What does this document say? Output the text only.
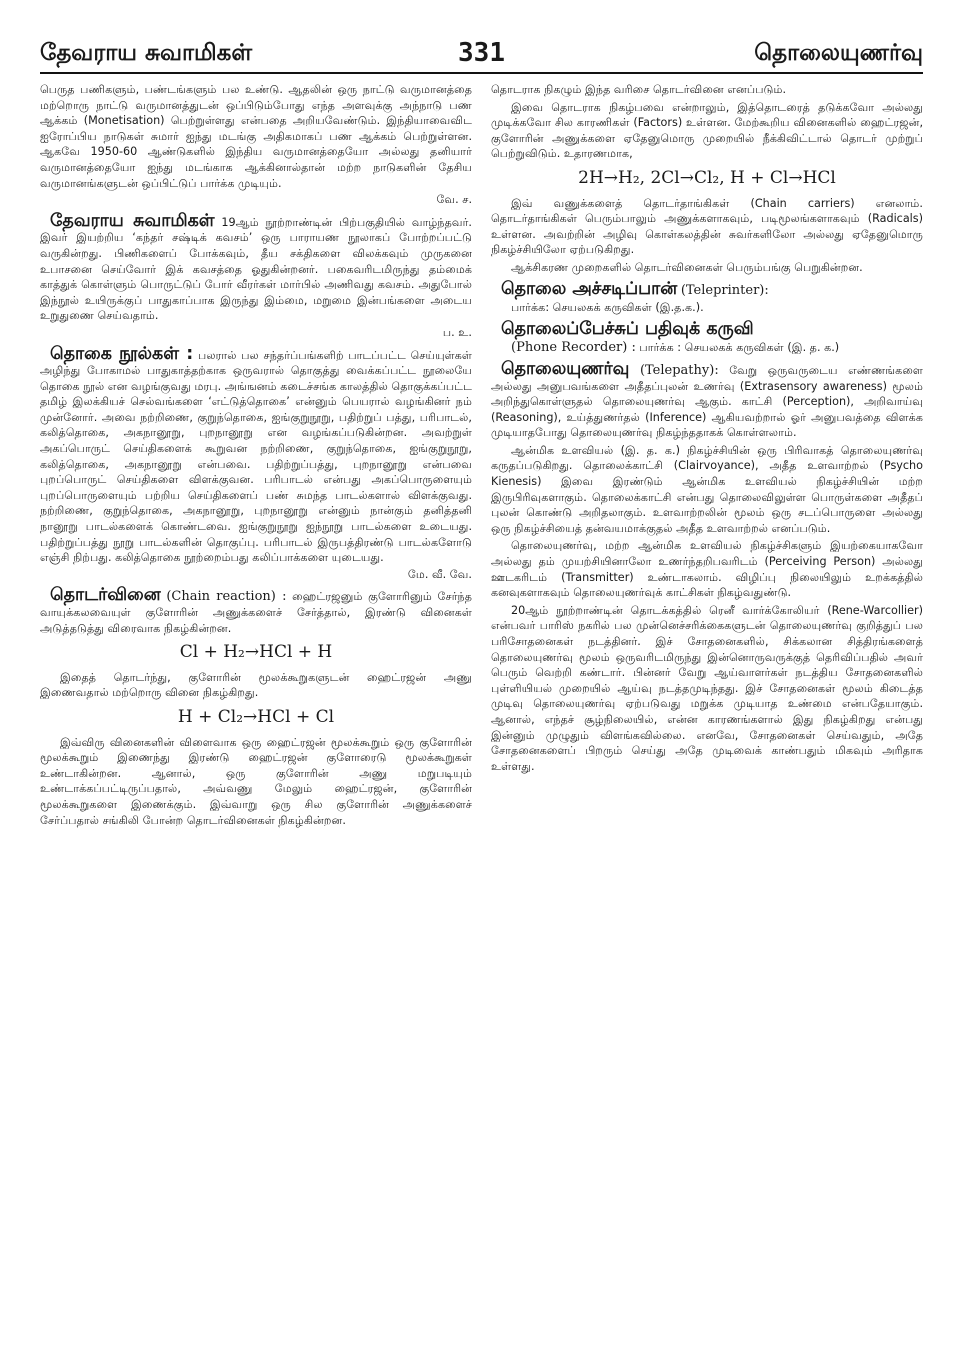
தேவராய சுவாமிகள்	331	தொலையுணர்வு

பெருத பணிகளும், பண்டங்களும் பல உண்டு. ஆதலின் ஒரு நாட்டு வருமானத்தை மற்றொரு நாட்டு வருமானத்துடன் ஒப்பிடும்போது எந்த அளவுக்கு அந்நாடு பண ஆக்கம் (Monetisation) பெற்றுள்ளது என்பதை அறியவேண்டும். இந்தியாவைவிட ஐரோப்பிய நாடுகள் சுமார் ஐந்து மடங்கு அதிகமாகப் பண ஆக்கம் பெற்றுள்ளன. ஆகவே 1950-60 ஆண்டுகளில் இந்திய வருமானத்தையோ அல்லது தனியார் வருமானத்தையோ ஐந்து மடங்காக ஆக்கினால்தான் மற்ற நாடுகளின் தேசிய வருமானங்களுடன் ஒப்பிட்டுப் பார்க்க முடியும்.

வே. ச.

தேவராய சுவாமிகள் 19ஆம் நூற்றாண்டின் பிற்பகுதியில் வாழ்ந்தவர். இவர் இயற்றிய ‘கந்தர் சஷ்டிக் கவசம்’ ஒரு பாராயண நூலாகப் போற்றப்பட்டு வருகின்றது. பிணிகளைப் போக்கவும், தீய சக்திகளை விலக்கவும் முருகனை உபாசனை செய்வோர் இக் கவசத்தை ஓதுகின்றனர். பகைவரிடமிருந்து தம்மைக் காத்துக் கொள்ளும் பொருட்டுப் போர் வீரர்கள் மார்பில் அணிவது கவசம். அதுபோல் இந்நூல் உயிருக்குப் பாதுகாப்பாக இருந்து இம்மை, மறுமை இன்பங்களை அடைய உறுதுணை செய்வதாம்.

ப. உ.

தொகை நூல்கள் : பலரால் பல சந்தர்ப்பங்களிற் பாடப்பட்ட செய்யுள்கள் அழிந்து போகாமல் பாதுகாத்தற்காக ஒருவரால் தொகுத்து வைக்கப்பட்ட நூலையே தொகை நூல் என வழங்குவது மரபு. அங்ஙனம் கடைச்சங்க காலத்தில் தொகுக்கப்பட்ட தமிழ் இலக்கியச் செல்வங்களை ‘எட்டுத்தொகை’ என்னும் பெயரால் வழங்கினர் நம் முன்னோர். அவை நற்றிணை, குறுந்தொகை, ஐங்குறுநூறு, பதிற்றுப் பத்து, பரிபாடல், கலித்தொகை, அகநானூறு, புறநானூறு என வழங்கப்படுகின்றன. அவற்றுள் அகப்பொருட் செய்திகளைக் கூறுவன நற்றிணை, குறுந்தொகை, ஐங்குறுநூறு, கலித்தொகை, அகநானூறு என்பவை. பதிற்றுப்பத்து, புறநானூறு என்பவை புறப்பொருட் செய்திகளை விளக்குவன. பரிபாடல் என்பது அகப்பொருளையும் புறப்பொருளையும் பற்றிய செய்திகளைப் பண் சுமந்த பாடல்களால் விளக்குவது. நற்றிணை, குறுந்தொகை, அகநானூறு, புறநானூறு என்னும் நான்கும் தனித்தனி நானூறு பாடல்களைக் கொண்டவை. ஐங்குறுநூறு ஐந்நூறு பாடல்களை உடையது. பதிற்றுப்பத்து நூறு பாடல்களின் தொகுப்பு. பரிபாடல் இருபத்திரண்டு பாடல்களோடு எஞ்சி நிற்பது. கலித்தொகை நூற்றைம்பது கலிப்பாக்களை யுடையது.

மே. வீ. வே.

தொடர்வினை (Chain reaction) : ஹைட்ரஜனும் குளோரினும் சேர்ந்த வாயுக்கலவையுள் குளோரின் அணுக்களைச் சேர்த்தால், இரண்டு வினைகள் அடுத்தடுத்து விரைவாக நிகழ்கின்றன.

Cl + H₂→HCl + H

இதைத் தொடர்ந்து, குளோரின் மூலக்கூறுகளுடன் ஹைட்ரஜன் அணு இணைவதால் மற்றொரு வினை நிகழ்கிறது.

H + Cl₂→HCl + Cl

இவ்விரு வினைகளின் விளைவாக ஒரு ஹைட்ரஜன் மூலக்கூறும் ஒரு குளோரின் மூலக்கூறும் இணைந்து இரண்டு ஹைட்ரஜன் குளோரைடு மூலக்கூறுகள் உண்டாகின்றன. ஆனால், ஒரு குளோரின் அணு மறுபடியும் உண்டாக்கப்பட்டிருப்பதால், அவ்வணு மேலும் ஹைட்ரஜன், குளோரின் மூலக்கூறுகளை இணைக்கும். இவ்வாறு ஒரு சில குளோரின் அணுக்களைச் சேர்ப்பதால் சங்கிலி போன்ற தொடர்வினைகள் நிகழ்கின்றன.

தொடராக நிகழும் இந்த வரிசை தொடர்வினை எனப்படும்.

இவை தொடராக நிகழ்பவை என்றாலும், இத்தொடரைத் தடுக்கவோ அல்லது முடிக்கவோ சில காரணிகள் (Factors) உள்ளன. மேற்கூறிய வினைகளில் ஹைட்ரஜன், குளோரின் அணுக்களை ஏதேனுமொரு முறையில் நீக்கிவிட்டால் தொடர் முற்றுப் பெற்றுவிடும். உதாரணமாக,

2H→H₂, 2Cl→Cl₂, H + Cl→HCl

இவ் வணுக்களைத் தொடர்தாங்கிகள் (Chain carriers) எனலாம். தொடர்தாங்கிகள் பெரும்பாலும் அணுக்களாகவும், படிமூலங்களாகவும் (Radicals) உள்ளன. அவற்றின் அழிவு கொள்கலத்தின் சுவர்களிலோ அல்லது ஏதேனுமொரு நிகழ்ச்சியிலோ ஏற்படுகிறது.

ஆக்சிகரண முறைகளில் தொடர்வினைகள் பெரும்பங்கு பெறுகின்றன.

தொலை அச்சடிப்பான் (Teleprinter):

பார்க்க: செயலகக் கருவிகள் (இ.த.க.).

தொலைப்பேச்சுப் பதிவுக் கருவி

(Phone Recorder) : பார்க்க : செயலகக் கருவிகள் (இ. த. க.)

தொலையுணர்வு (Telepathy): வேறு ஒருவருடைய எண்ணங்களை அல்லது அனுபவங்களை அதீதப்புலன் உணர்வு (Extrasensory awareness) மூலம் அறிந்துகொள்ளுதல் தொலையுணர்வு ஆகும். காட்சி (Perception), அறிவாய்வு (Reasoning), உய்த்துணர்தல் (Inference) ஆகியவற்றால் ஓர் அனுபவத்தை விளக்க முடியாதபோது தொலையுணர்வு நிகழ்ந்ததாகக் கொள்ளலாம்.

ஆன்மிக உளவியல் (இ. த. க.) நிகழ்ச்சியின் ஒரு பிரிவாகத் தொலையுணர்வு கருதப்படுகிறது. தொலைக்காட்சி (Clairvoyance), அதீத உளவாற்றல் (Psycho Kienesis) இவை இரண்டும் ஆன்மிக உளவியல் நிகழ்ச்சியின் மற்ற இருபிரிவுகளாகும். தொலைக்காட்சி என்பது தொலைவிலுள்ள பொருள்களை அதீதப் புலன் கொண்டு அறிதலாகும். உளவாற்றலின் மூலம் ஒரு சடப்பொருளை அல்லது ஒரு நிகழ்ச்சியைத் தன்வயமாக்குதல் அதீத உளவாற்றல் எனப்படும்.

தொலையுணர்வு, மற்ற ஆன்மிக உளவியல் நிகழ்ச்சிகளும் இயற்கையாகவோ அல்லது தம் முயற்சியினாலோ உணர்ந்தறிபவரிடம் (Perceiving Person) அல்லது ஊடகரிடம் (Transmitter) உண்டாகலாம். விழிப்பு நிலையிலும் உறக்கத்தில் கனவுகளாகவும் தொலையுணர்வுக் காட்சிகள் நிகழ்வதுண்டு.

20ஆம் நூற்றாண்டின் தொடக்கத்தில் ரெனீ வார்க்கோலியர் (Rene-Warcollier) என்பவர் பாரிஸ் நகரில் பல முன்னெச்சரிக்கைகளுடன் தொலையுணர்வு குறித்துப் பல பரிசோதனைகள் நடத்தினர். இச் சோதனைகளில், சிக்கலான சித்திரங்களைத் தொலையுணர்வு மூலம் ஒருவரிடமிருந்து இன்னொருவருக்குத் தெரிவிப்பதில் அவர் பெரும் வெற்றி கண்டார். பின்னர் வேறு ஆய்வாளர்கள் நடத்திய சோதனைகளில் புள்ளியியல் முறையில் ஆய்வு நடத்தமுடிந்தது. இச் சோதனைகள் மூலம் கிடைத்த முடிவு தொலையுணர்வு ஏற்படுவது மறுக்க முடியாத உண்மை என்பதேயாகும். ஆனால், எந்தச் சூழ்நிலையில், என்ன காரணங்களால் இது நிகழ்கிறது என்பது இன்னும் முழுதும் விளங்கவில்லை. எனவே, சோதனைகள் செய்வதும், அதே சோதனைகளைப் பிறரும் செய்து அதே முடிவைக் காண்பதும் மிகவும் அரிதாக உள்ளது.
